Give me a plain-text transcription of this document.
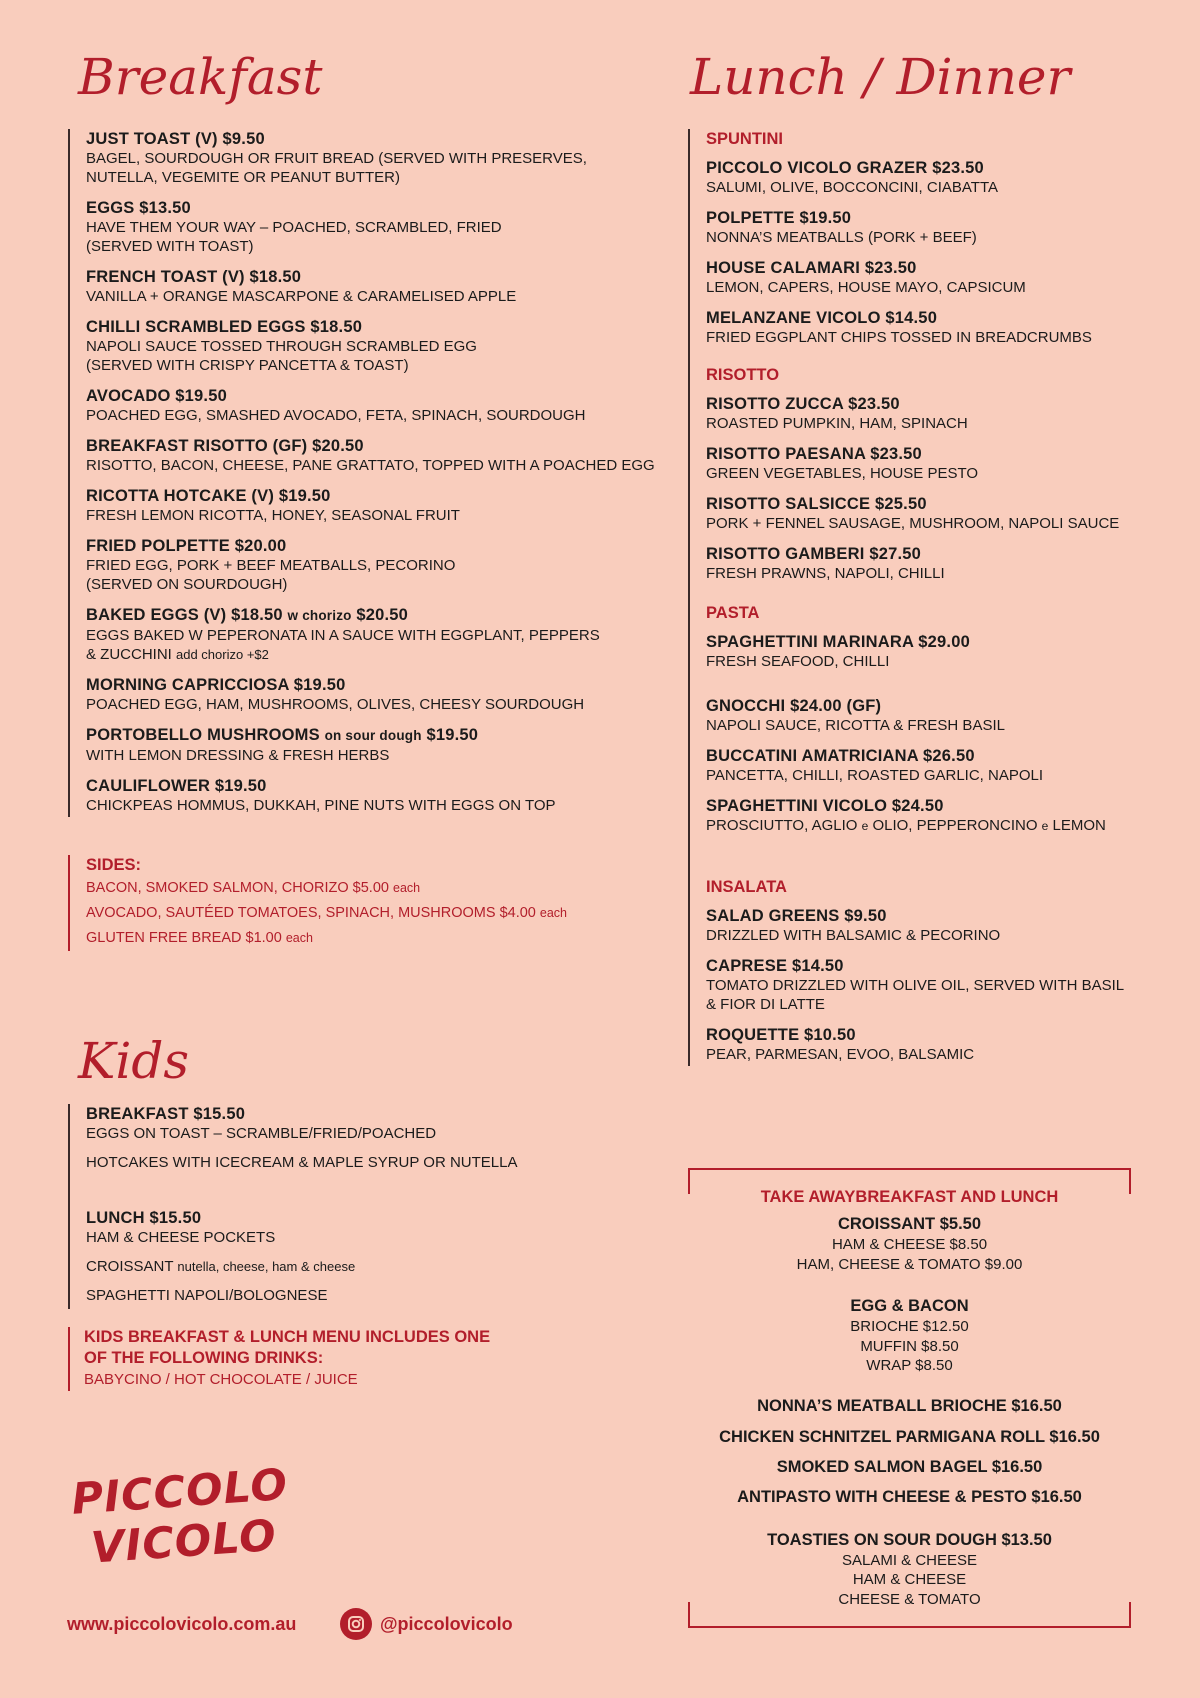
Breakfast	Lunch / Dinner
Kids
JUST TOAST (V) $9.50
BAGEL, SOURDOUGH OR FRUIT BREAD (SERVED WITH PRESERVES,
NUTELLA, VEGEMITE OR PEANUT BUTTER)
EGGS $13.50
HAVE THEM YOUR WAY – POACHED, SCRAMBLED, FRIED
(SERVED WITH TOAST)
FRENCH TOAST (V) $18.50
VANILLA + ORANGE MASCARPONE & CARAMELISED APPLE
CHILLI SCRAMBLED EGGS $18.50
NAPOLI SAUCE TOSSED THROUGH SCRAMBLED EGG
(SERVED WITH CRISPY PANCETTA & TOAST)
AVOCADO $19.50
POACHED EGG, SMASHED AVOCADO, FETA, SPINACH, SOURDOUGH
BREAKFAST RISOTTO (GF) $20.50
RISOTTO, BACON, CHEESE, PANE GRATTATO, TOPPED WITH A POACHED EGG
RICOTTA HOTCAKE (V) $19.50
FRESH LEMON RICOTTA, HONEY, SEASONAL FRUIT
FRIED POLPETTE $20.00
FRIED EGG, PORK + BEEF MEATBALLS, PECORINO
(SERVED ON SOURDOUGH)
BAKED EGGS (V) $18.50 w chorizo $20.50
EGGS BAKED W PEPERONATA IN A SAUCE WITH EGGPLANT, PEPPERS
& ZUCCHINI add chorizo +$2
MORNING CAPRICCIOSA $19.50
POACHED EGG, HAM, MUSHROOMS, OLIVES, CHEESY SOURDOUGH
PORTOBELLO MUSHROOMS on sour dough $19.50
WITH LEMON DRESSING & FRESH HERBS
CAULIFLOWER $19.50
CHICKPEAS HOMMUS, DUKKAH, PINE NUTS WITH EGGS ON TOP
SIDES:
BACON, SMOKED SALMON, CHORIZO $5.00 each
AVOCADO, SAUTÉED TOMATOES, SPINACH, MUSHROOMS $4.00 each
GLUTEN FREE BREAD $1.00 each
BREAKFAST $15.50
EGGS ON TOAST – SCRAMBLE/FRIED/POACHED
HOTCAKES WITH ICECREAM & MAPLE SYRUP OR NUTELLA
LUNCH $15.50
HAM & CHEESE POCKETS
CROISSANT nutella, cheese, ham & cheese
SPAGHETTI NAPOLI/BOLOGNESE
KIDS BREAKFAST & LUNCH MENU INCLUDES ONE
OF THE FOLLOWING DRINKS:
BABYCINO / HOT CHOCOLATE / JUICE
SPUNTINI
PICCOLO VICOLO GRAZER $23.50
SALUMI, OLIVE, BOCCONCINI, CIABATTA
POLPETTE $19.50
NONNA’S MEATBALLS (PORK + BEEF)
HOUSE CALAMARI $23.50
LEMON, CAPERS, HOUSE MAYO, CAPSICUM
MELANZANE VICOLO $14.50
FRIED EGGPLANT CHIPS TOSSED IN BREADCRUMBS
RISOTTO
RISOTTO ZUCCA $23.50
ROASTED PUMPKIN, HAM, SPINACH
RISOTTO PAESANA $23.50
GREEN VEGETABLES, HOUSE PESTO
RISOTTO SALSICCE $25.50
PORK + FENNEL SAUSAGE, MUSHROOM, NAPOLI SAUCE
RISOTTO GAMBERI $27.50
FRESH PRAWNS, NAPOLI, CHILLI
PASTA
SPAGHETTINI MARINARA $29.00
FRESH SEAFOOD, CHILLI
GNOCCHI $24.00 (GF)
NAPOLI SAUCE, RICOTTA & FRESH BASIL
BUCCATINI AMATRICIANA $26.50
PANCETTA, CHILLI, ROASTED GARLIC, NAPOLI
SPAGHETTINI VICOLO $24.50
PROSCIUTTO, AGLIO e OLIO, PEPPERONCINO e LEMON
INSALATA
SALAD GREENS $9.50
DRIZZLED WITH BALSAMIC & PECORINO
CAPRESE $14.50
TOMATO DRIZZLED WITH OLIVE OIL, SERVED WITH BASIL
& FIOR DI LATTE
ROQUETTE $10.50
PEAR, PARMESAN, EVOO, BALSAMIC
TAKE AWAYBREAKFAST AND LUNCH
CROISSANT $5.50
HAM & CHEESE $8.50
HAM, CHEESE & TOMATO $9.00
EGG & BACON
BRIOCHE $12.50
MUFFIN $8.50
WRAP $8.50
NONNA’S MEATBALL BRIOCHE $16.50
CHICKEN SCHNITZEL PARMIGANA ROLL $16.50
SMOKED SALMON BAGEL $16.50
ANTIPASTO WITH CHEESE & PESTO $16.50
TOASTIES ON SOUR DOUGH $13.50
SALAMI & CHEESE
HAM & CHEESE
CHEESE & TOMATO
PICCOLO
VICOLO
www.piccolovicolo.com.au	@piccolovicolo
